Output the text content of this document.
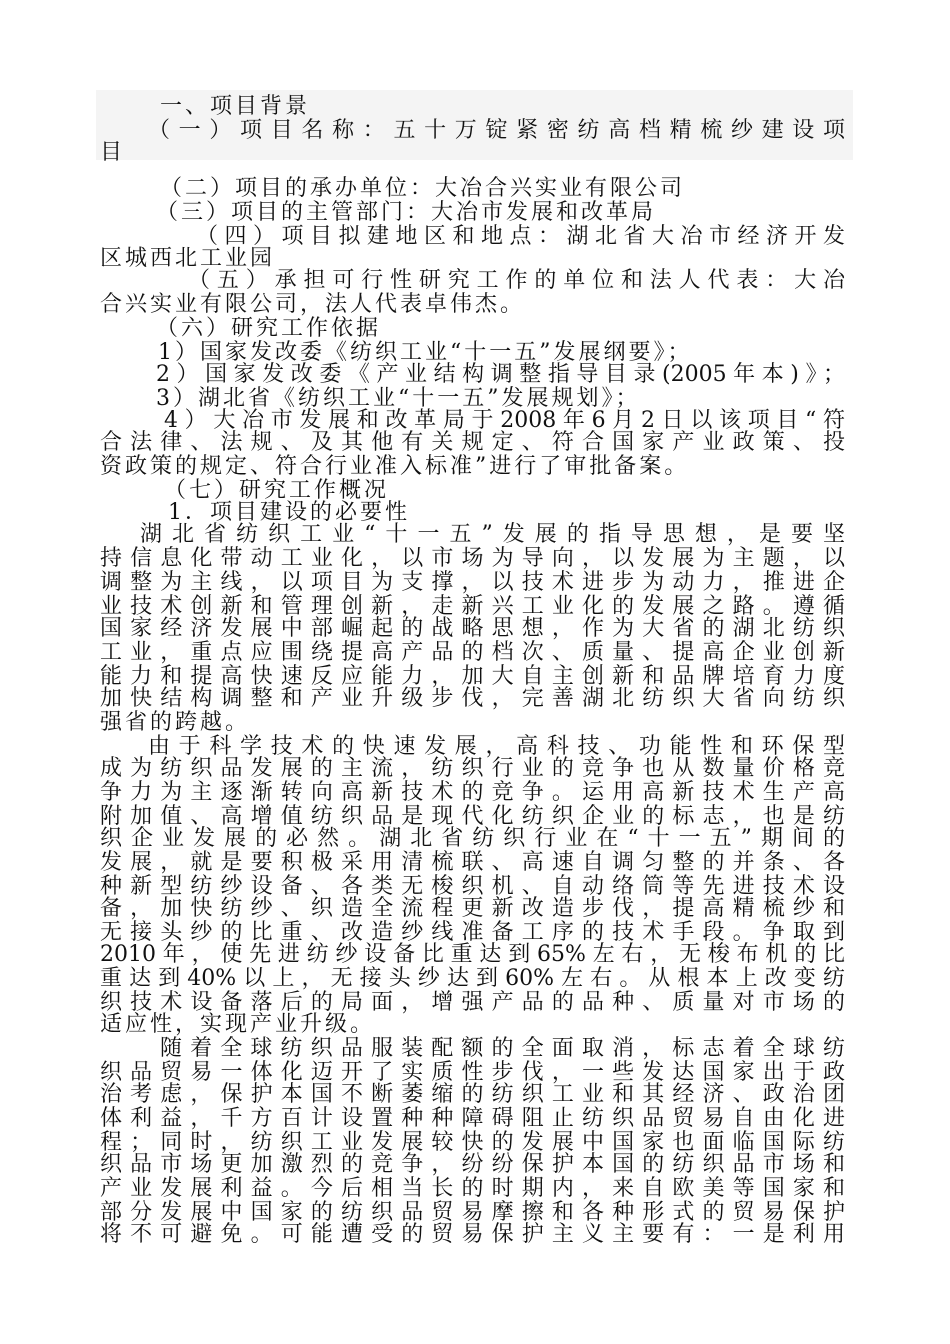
一、项目背景
（一）项目名称：五十万锭紧密纺高档精梳纱建设项
目
（二）项目的承办单位：大冶合兴实业有限公司
（三）项目的主管部门：大冶市发展和改革局
（四）项目拟建地区和地点：湖北省大冶市经济开发
区城西北工业园
（五）承担可行性研究工作的单位和法人代表：大冶
合兴实业有限公司，法人代表卓伟杰。
（六）研究工作依据
1）国家发改委《纺织工业“十一五”发展纲要》；
2）国家发改委《产业结构调整指导目录(2005年本)》；
3）湖北省《纺织工业“十一五”发展规划》；
4）大冶市发展和改革局于2008年6月2日以该项目“符
合法律、法规、及其他有关规定、符合国家产业政策、投
资政策的规定、符合行业准入标准”进行了审批备案。
（七）研究工作概况
1．项目建设的必要性
湖北省纺织工业“十一五”发展的指导思想，是要坚
持信息化带动工业化，以市场为导向，以发展为主题，以
调整为主线，以项目为支撑，以技术进步为动力，推进企
业技术创新和管理创新，走新兴工业化的发展之路。遵循
国家经济发展中部崛起的战略思想，作为大省的湖北纺织
工业，重点应围绕提高产品的档次、质量、提高企业创新
能力和提高快速反应能力，加大自主创新和品牌培育力度
加快结构调整和产业升级步伐，完善湖北纺织大省向纺织
强省的跨越。
由于科学技术的快速发展，高科技、功能性和环保型
成为纺织品发展的主流，纺织行业的竞争也从数量价格竞
争力为主逐渐转向高新技术的竞争。运用高新技术生产高
附加值、高增值纺织品是现代化纺织企业的标志，也是纺
织企业发展的必然。湖北省纺织行业在“十一五”期间的
发展，就是要积极采用清梳联、高速自调匀整的并条、各
种新型纺纱设备、各类无梭织机、自动络筒等先进技术设
备，加快纺纱、织造全流程更新改造步伐，提高精梳纱和
无接头纱的比重、改造纱线准备工序的技术手段。争取到
2010年，使先进纺纱设备比重达到65%左右，无梭布机的比
重达到40%以上，无接头纱达到60%左右。从根本上改变纺
织技术设备落后的局面，增强产品的品种、质量对市场的
适应性，实现产业升级。
随着全球纺织品服装配额的全面取消，标志着全球纺
织品贸易一体化迈开了实质性步伐，一些发达国家出于政
治考虑，保护本国不断萎缩的纺织工业和其经济、政治团
体利益，千方百计设置种种障碍阻止纺织品贸易自由化进
程；同时，纺织工业发展较快的发展中国家也面临国际纺
织品市场更加激烈的竞争，纷纷保护本国的纺织品市场和
产业发展利益。今后相当长的时期内，来自欧美等国家和
部分发展中国家的纺织品贸易摩擦和各种形式的贸易保护
将不可避免。可能遭受的贸易保护主义主要有：一是利用
